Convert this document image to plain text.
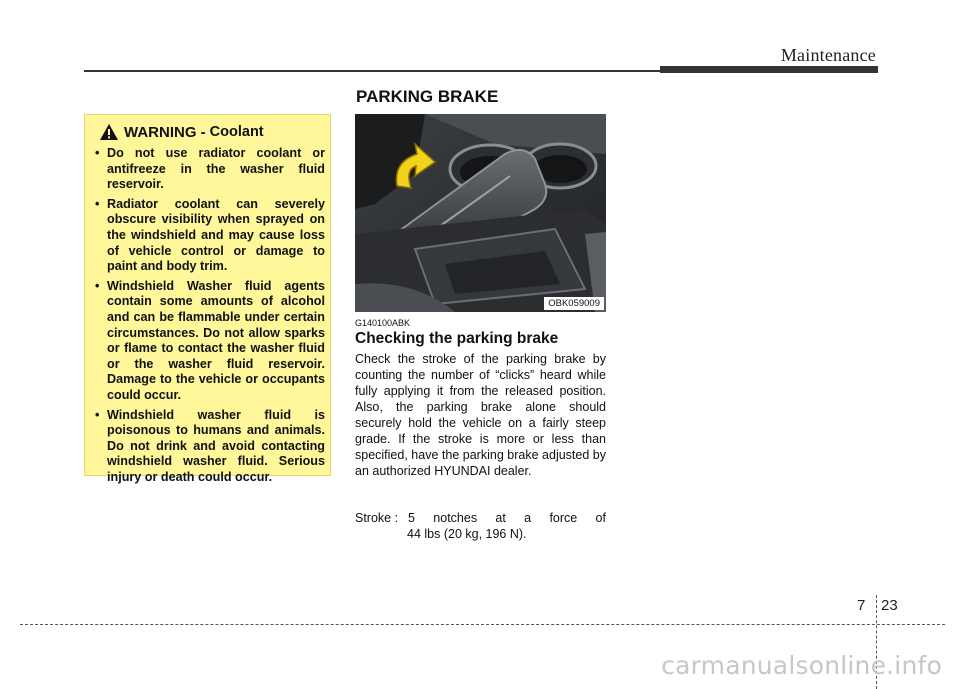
Maintenance
PARKING BRAKE
WARNING - Coolant
• Do not use radiator coolant or antifreeze in the washer fluid reservoir.
• Radiator coolant can severely obscure visibility when sprayed on the windshield and may cause loss of vehicle control or damage to paint and body trim.
• Windshield Washer fluid agents contain some amounts of alcohol and can be flammable under certain circumstances. Do not allow sparks or flame to contact the washer fluid or the washer fluid reservoir. Damage to the vehicle or occupants could occur.
• Windshield washer fluid is poisonous to humans and animals. Do not drink and avoid contacting windshield washer fluid. Serious injury or death could occur.
OBK059009
G140100ABK
Checking the parking brake
Check the stroke of the parking brake by counting the number of “clicks” heard while fully applying it from the released position. Also, the parking brake alone should securely hold the vehicle on a fairly steep grade. If the stroke is more or less than specified, have the parking brake adjusted by an authorized HYUNDAI dealer.
Stroke : 5 notches at a force of
44 lbs (20 kg, 196 N).
7 23
carmanualsonline.info
